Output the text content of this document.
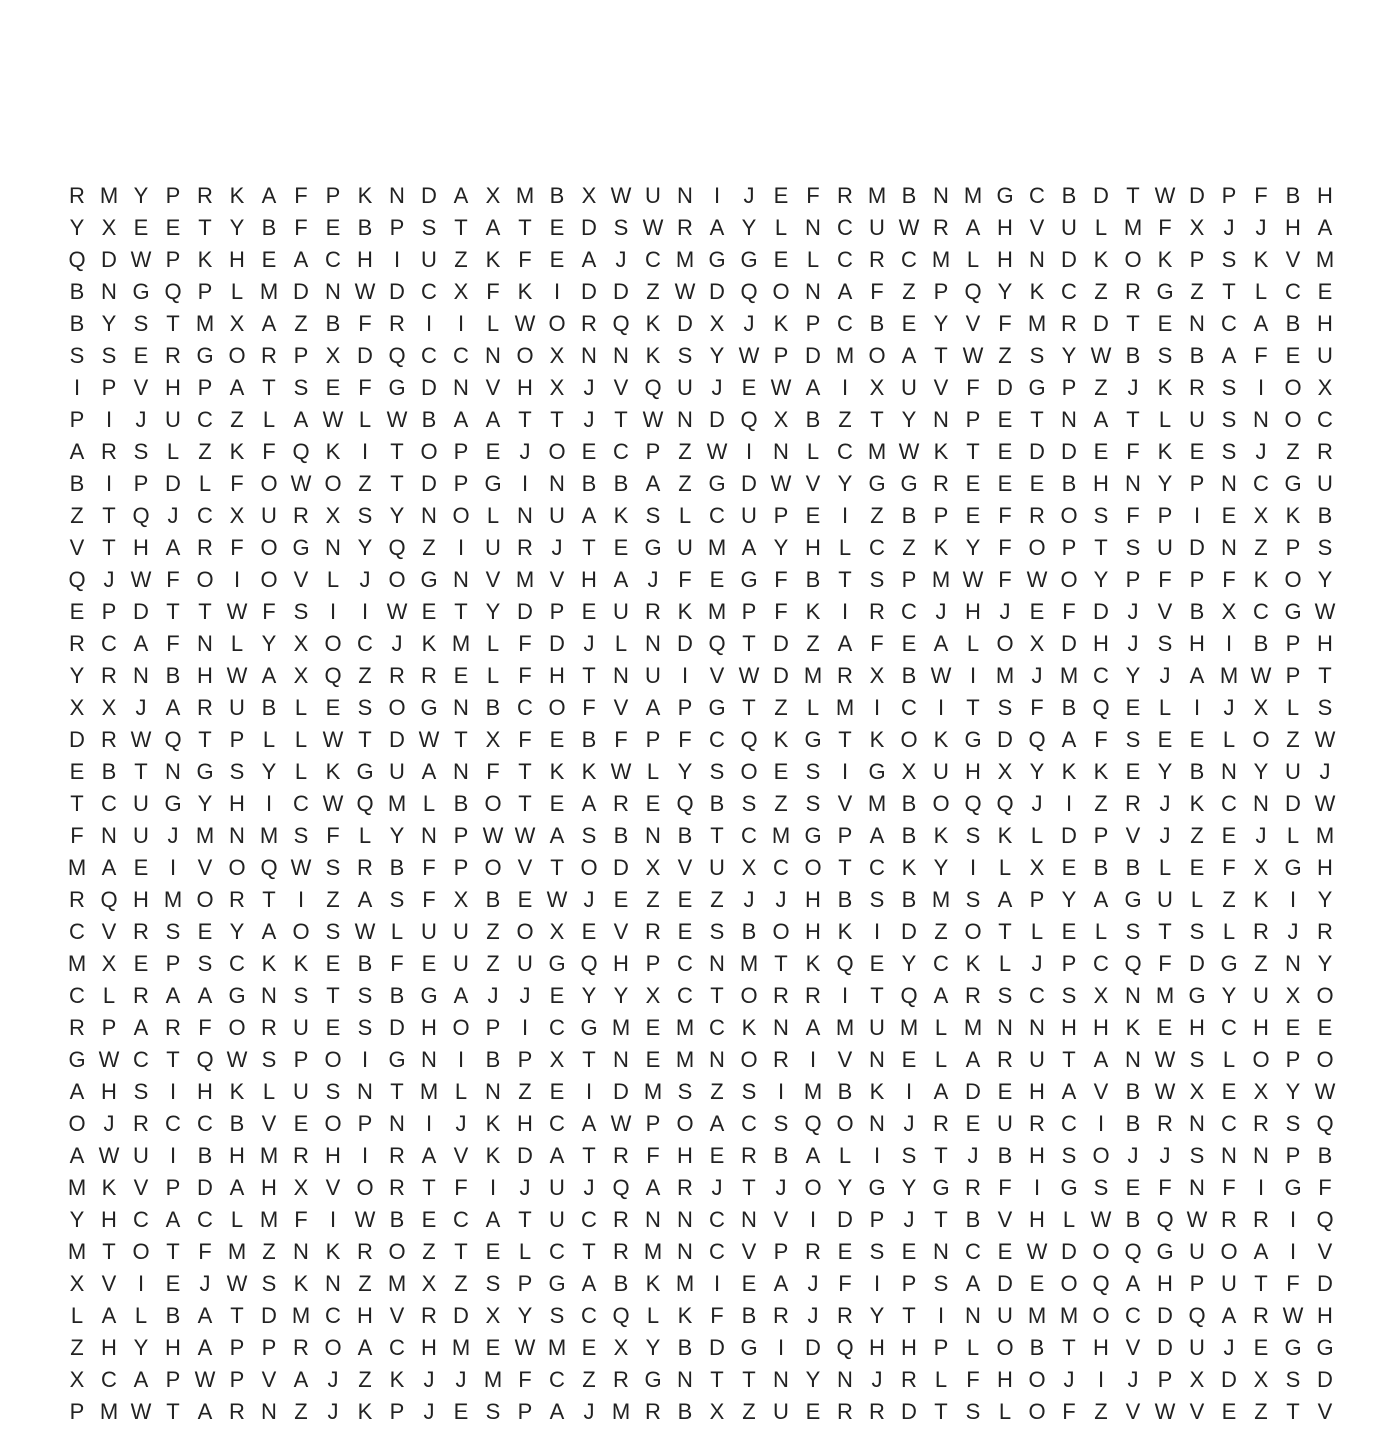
R M Y P R K A F P K N D A X M B X W U N I	J E F R M B N M G C B D T W D P F B H
Y X E E T Y B F E B P S T A T E D S W R A Y L N C U W R A H V U L M F X J J H A
Q D W P K H E A C H I U Z K F E A J C M G G E L C R C M L H N D K O K P S K V M
B N G Q P L M D N W D C X F K I D D Z W D Q O N A F Z P Q Y K C Z R G Z T L C E
B Y S T M X A Z B F R I	I	L W O R Q K D X J K P C B E Y V F M R D T E N C A B H
S S E R G O R P X D Q C C N O X N N K S Y W P D M O A T W Z S Y W B S B A F E U
I P V H P A T S E F G D N V H X J V Q U J E W A I X U V F D G P Z J K R S I O X
P I	J U C Z L A W L W B A A T T J T W N D Q X B Z T Y N P E T N A T L U S N O C
A R S L Z K F Q K I	T O P E J O E C P Z W I N L C M W K T E D D E F K E S J Z R
B I P D L F O W O Z T D P G I N B B A Z G D W V Y G G R E E E B H N Y P N C G U
Z T Q J C X U R X S Y N O L N U A K S L C U P E I	Z B P E F R O S F P I E X K B
V T H A R F O G N Y Q Z	I U R J T E G U M A Y H L C Z K Y F O P T S U D N Z P S
Q J W F O I O V L J O G N V M V H A J F E G F B T S P M W F W O Y P F P F K O Y
E P D T T W F S I	I W E T Y D P E U R K M P F K I R C J H J E F D J V B X C G W
R C A F N L Y X O C J K M L F D J L N D Q T D Z A F E A L O X D H J S H I B P H
Y R N B H W A X Q Z R R E L F H T N U I V W D M R X B W I M J M C Y J A M W P T
X X J A R U B L E S O G N B C O F V A P G T Z L M I C I	T S F B Q E L	I	J X L S
D R W Q T P L L W T D W T X F E B F P F C Q K G T K O K G D Q A F S E E L O Z W
E B T N G S Y L K G U A N F T K K W L Y S O E S I G X U H X Y K K E Y B N Y U J
T C U G Y H I C W Q M L B O T E A R E Q B S Z S V M B O Q Q J	I	Z R J K C N D W
F N U J M N M S F L Y N P W W A S B N B T C M G P A B K S K L D P V J Z E J L M
M A E I V O Q W S R B F P O V T O D X V U X C O T C K Y I	L X E B B L E F X G H
R Q H M O R T	I	Z A S F X B E W J E Z E Z J J H B S B M S A P Y A G U L Z K I Y
C V R S E Y A O S W L U U Z O X E V R E S B O H K I D Z O T L E L S T S L R J R
M X E P S C K K E B F E U Z U G Q H P C N M T K Q E Y C K L J P C Q F D G Z N Y
C L R A A G N S T S B G A J J E Y Y X C T O R R I	T Q A R S C S X N M G Y U X O
R P A R F O R U E S D H O P I C G M E M C K N A M U M L M N N H H K E H C H E E
G W C T Q W S P O I G N I B P X T N E M N O R I V N E L A R U T A N W S L O P O
A H S I H K L U S N T M L N Z E I D M S Z S I M B K I A D E H A V B W X E X Y W
O J R C C B V E O P N I	J K H C A W P O A C S Q O N J R E U R C I B R N C R S Q
A W U I B H M R H I R A V K D A T R F H E R B A L	I S T J B H S O J J S N N P B
M K V P D A H X V O R T F	I	J U J Q A R J T J O Y G Y G R F	I G S E F N F	I G F
Y H C A C L M F	I W B E C A T U C R N N C N V I D P J T B V H L W B Q W R R I Q
M T O T F M Z N K R O Z T E L C T R M N C V P R E S E N C E W D O Q G U O A I V
X V I E J W S K N Z M X Z S P G A B K M I E A J F	I P S A D E O Q A H P U T F D
L A L B A T D M C H V R D X Y S C Q L K F B R J R Y T	I N U M M O C D Q A R W H
Z H Y H A P P R O A C H M E W M E X Y B D G I D Q H H P L O B T H V D U J E G G
X C A P W P V A J Z K J J M F C Z R G N T T N Y N J R L F H O J	I	J P X D X S D
P M W T A R N Z J K P J E S P A J M R B X Z U E R R D T S L O F Z V W V E Z T V
